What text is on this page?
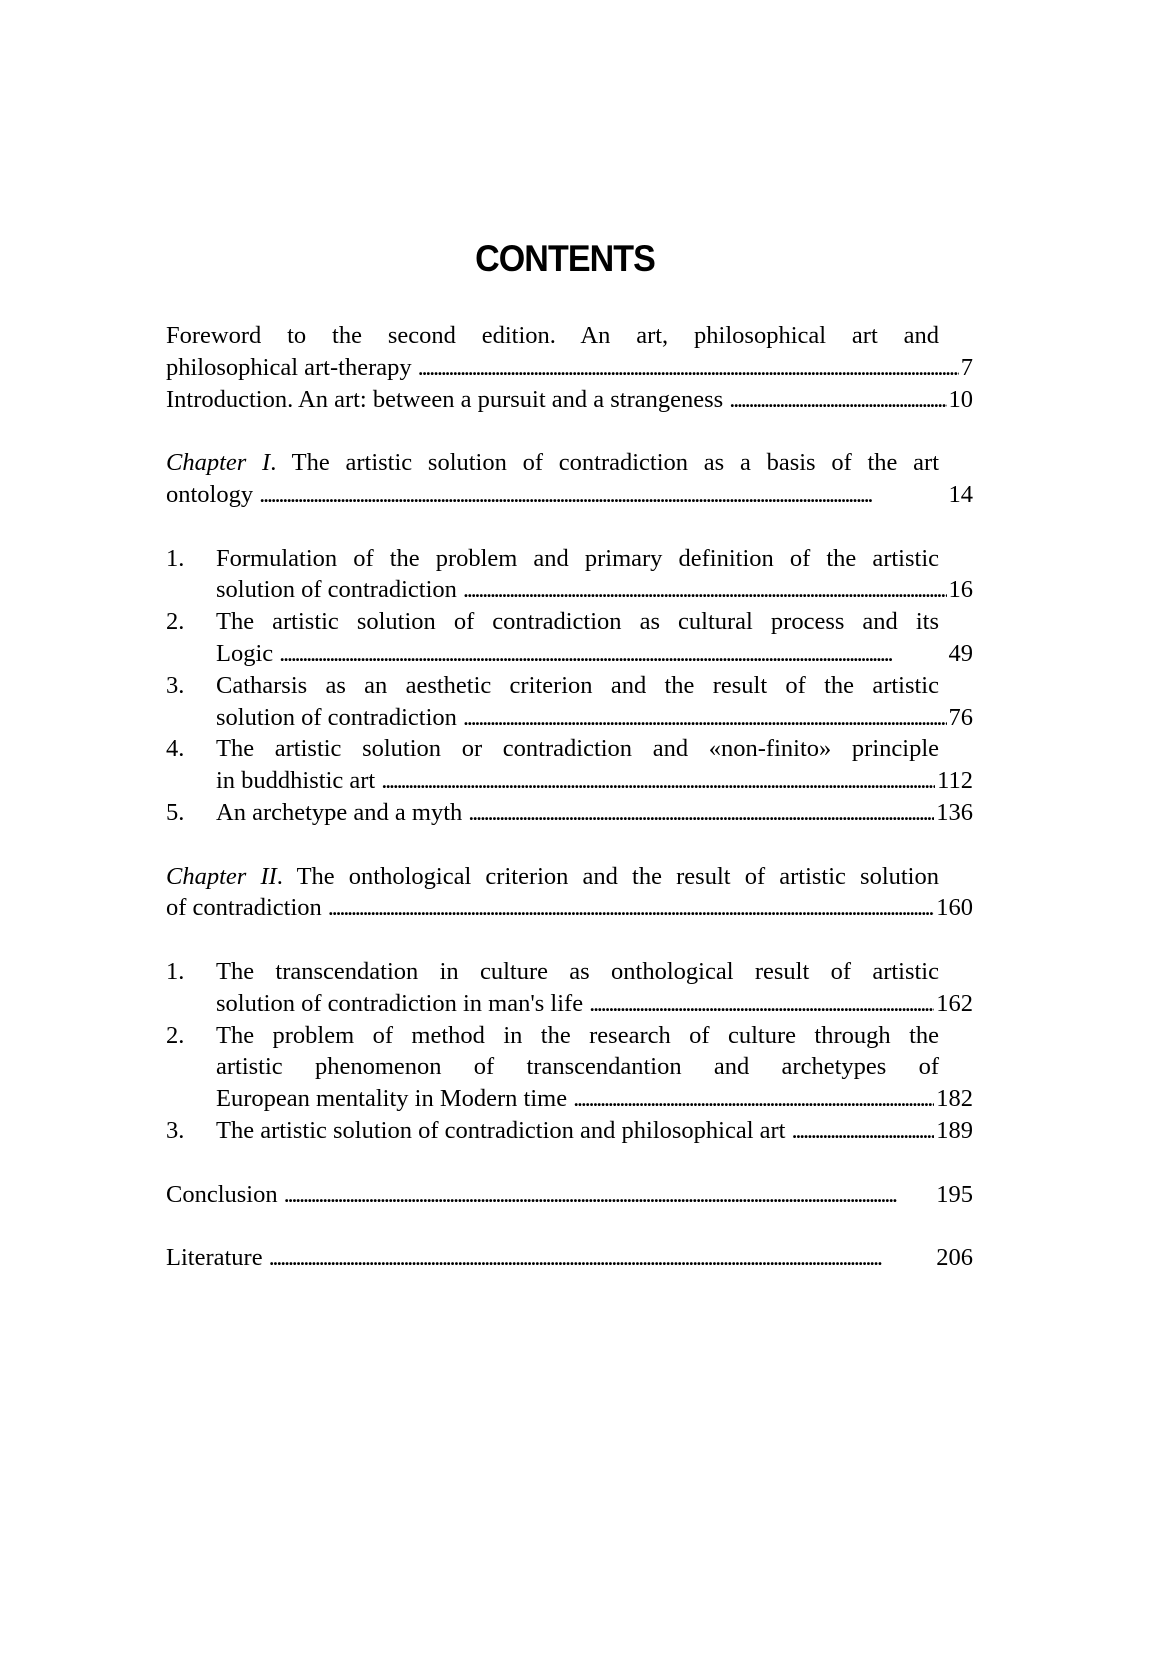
CONTENTS
Foreword to the second edition. An art, philosophical art and
philosophical art-therapy . . .	7
Introduction. An art: between a pursuit and a strangeness . . .	10
Chapter I. The artistic solution of contradiction as a basis of the art
ontology . . .	14
1.	Formulation of the problem and primary definition of the artistic
solution of contradiction . . .	16
2.	The artistic solution of contradiction as cultural process and its
Logic . . .	49
3.	Catharsis as an aesthetic criterion and the result of the artistic
solution of contradiction . . .	76
4.	The artistic solution or contradiction and «non-finito» principle
in buddhistic art . . .	112
5.	An archetype and a myth . . .	136
Chapter II. The onthological criterion and the result of artistic solution
of contradiction . . .	160
1.	The transcendation in culture as onthological result of artistic
solution of contradiction in man's life . . .	162
2.	The problem of method in the research of culture through the
artistic phenomenon of transcendantion and archetypes of
European mentality in Modern time . . .	182
3.	The artistic solution of contradiction and philosophical art . . .	189
Conclusion . . .	195
Literature . . .	206
